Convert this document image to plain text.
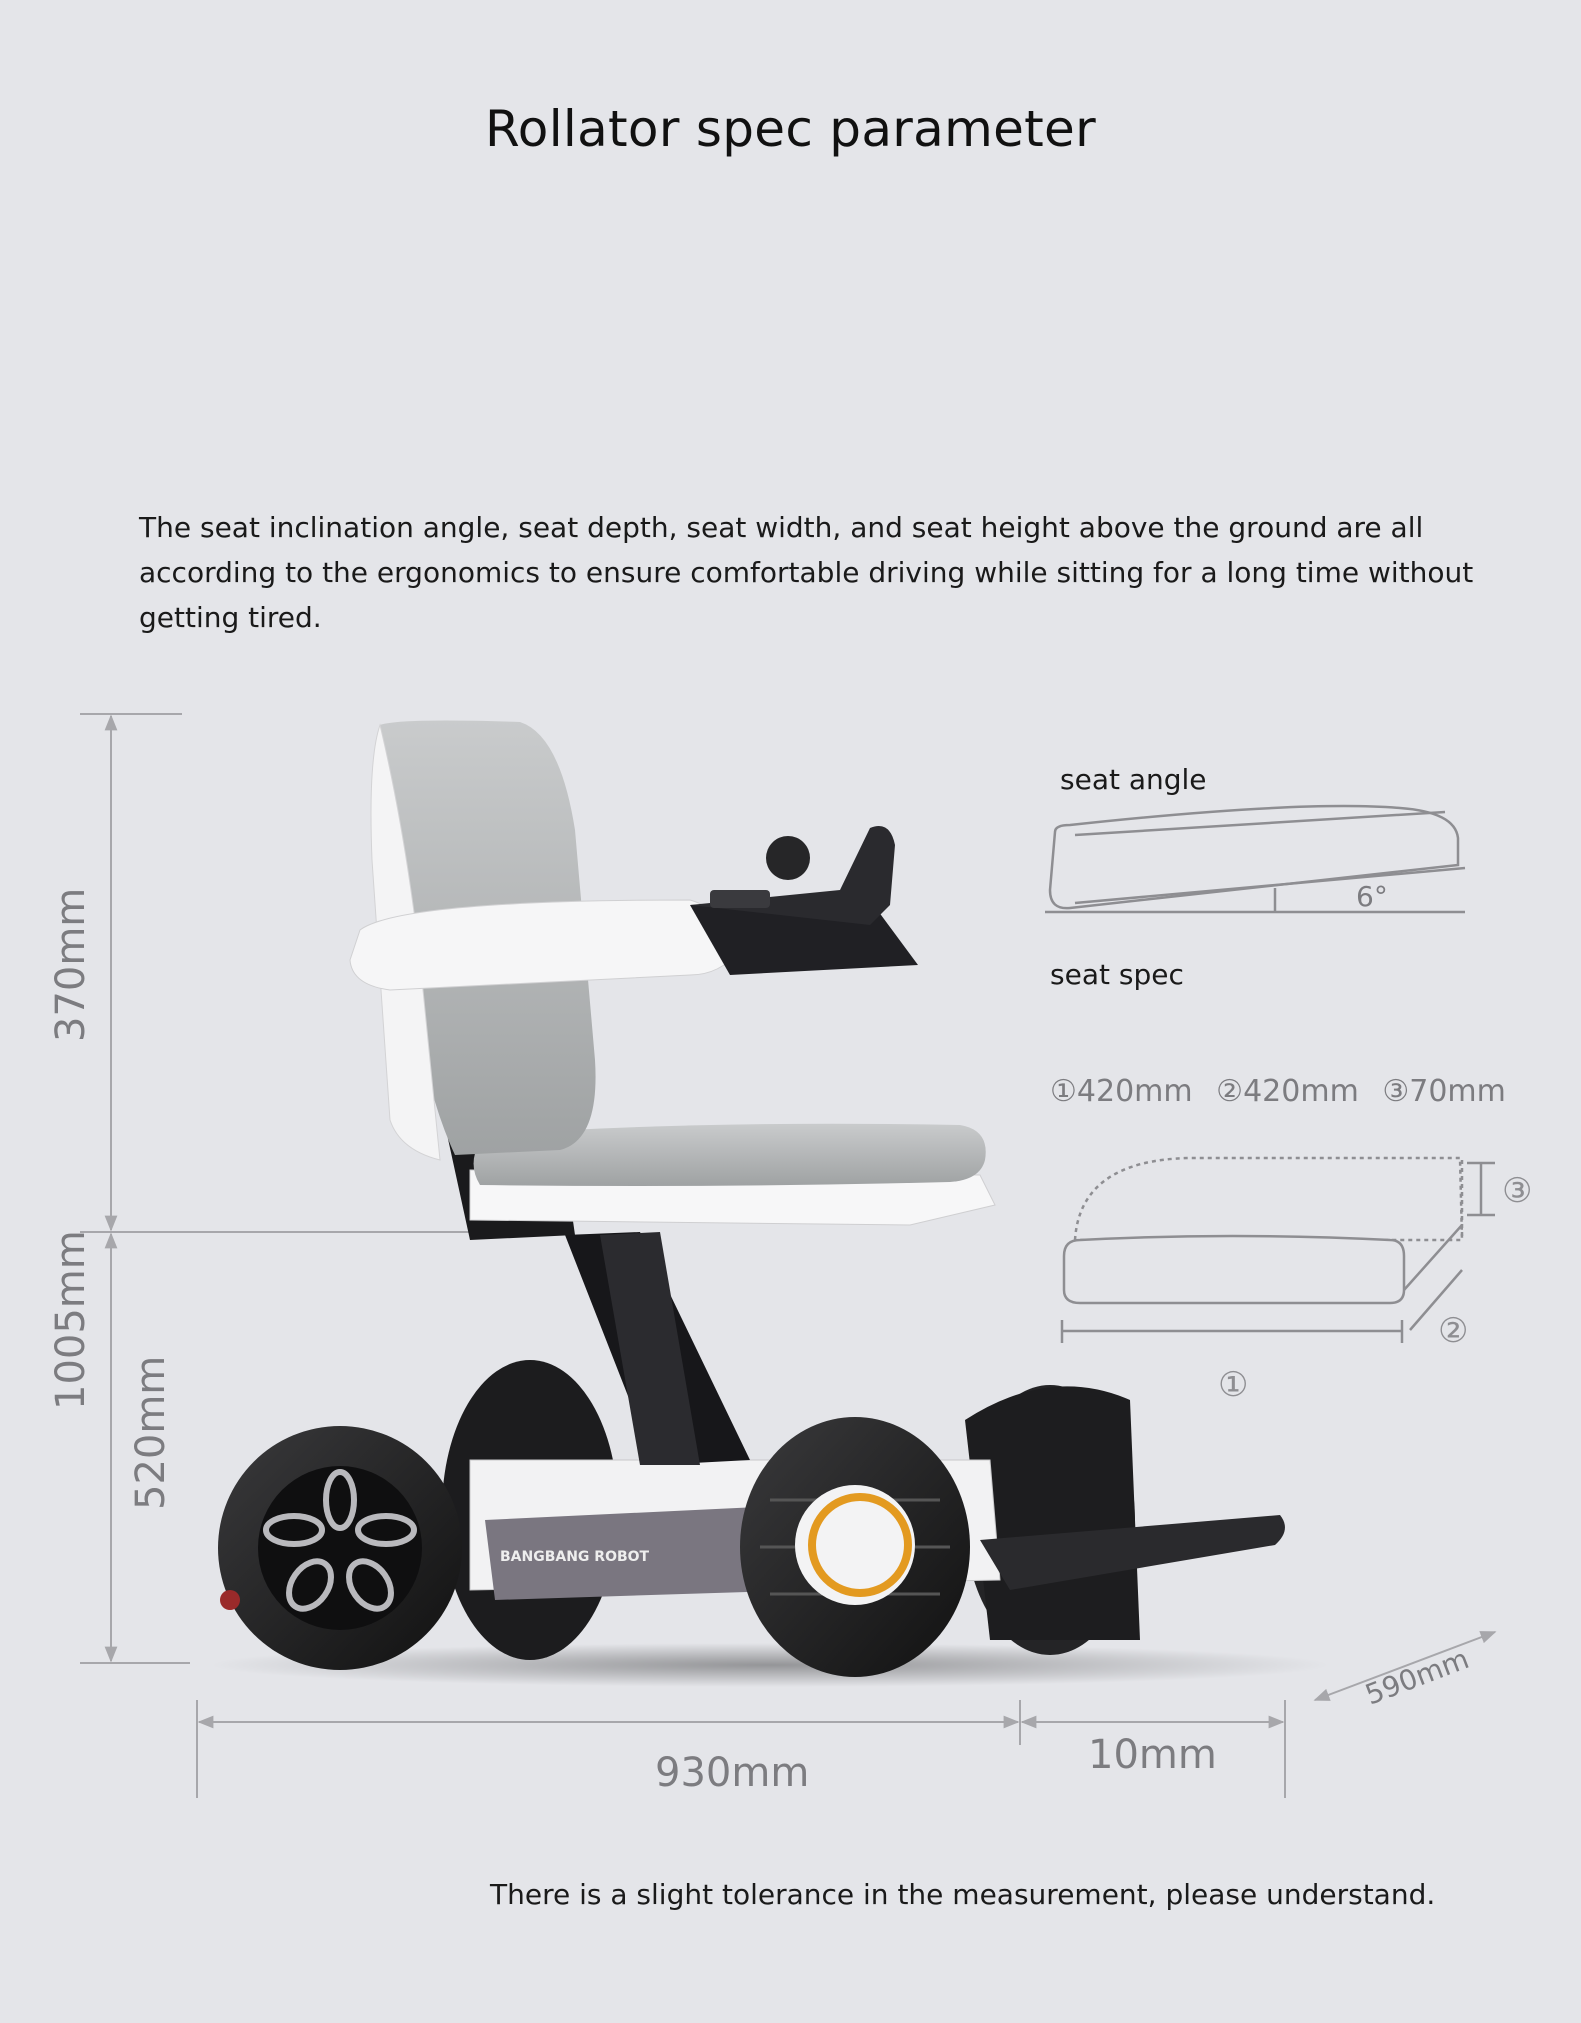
Rollator spec parameter
The seat inclination angle, seat depth, seat width, and seat height above the ground are all according to the ergonomics to ensure comfortable driving while sitting for a long time without getting tired.
370mm
1005mm
520mm
930mm	10mm
590mm
BANGBANG ROBOT
6°
①
②
③
seat angle
seat spec
①420mm ②420mm ③70mm
There is a slight tolerance in the measurement, please understand.
